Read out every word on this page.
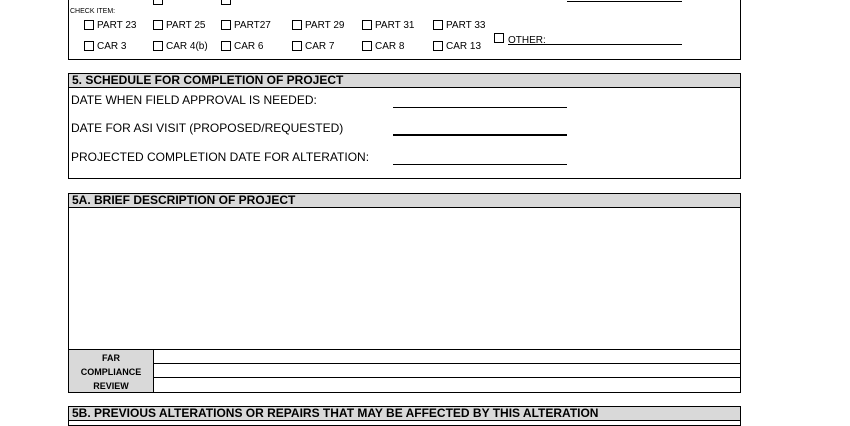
CHECK ITEM:
PART 23	PART 25	PART27	PART 29	PART 31	PART 33
CAR 3	CAR 4(b)	CAR 6	CAR 7	CAR 8	CAR 13
OTHER:
5. SCHEDULE FOR COMPLETION OF PROJECT
DATE WHEN FIELD APPROVAL IS NEEDED:
DATE FOR ASI VISIT (PROPOSED/REQUESTED)
PROJECTED COMPLETION DATE FOR ALTERATION:
5A. BRIEF DESCRIPTION OF PROJECT
FAR
COMPLIANCE
REVIEW
5B. PREVIOUS ALTERATIONS OR REPAIRS THAT MAY BE AFFECTED BY THIS ALTERATION
